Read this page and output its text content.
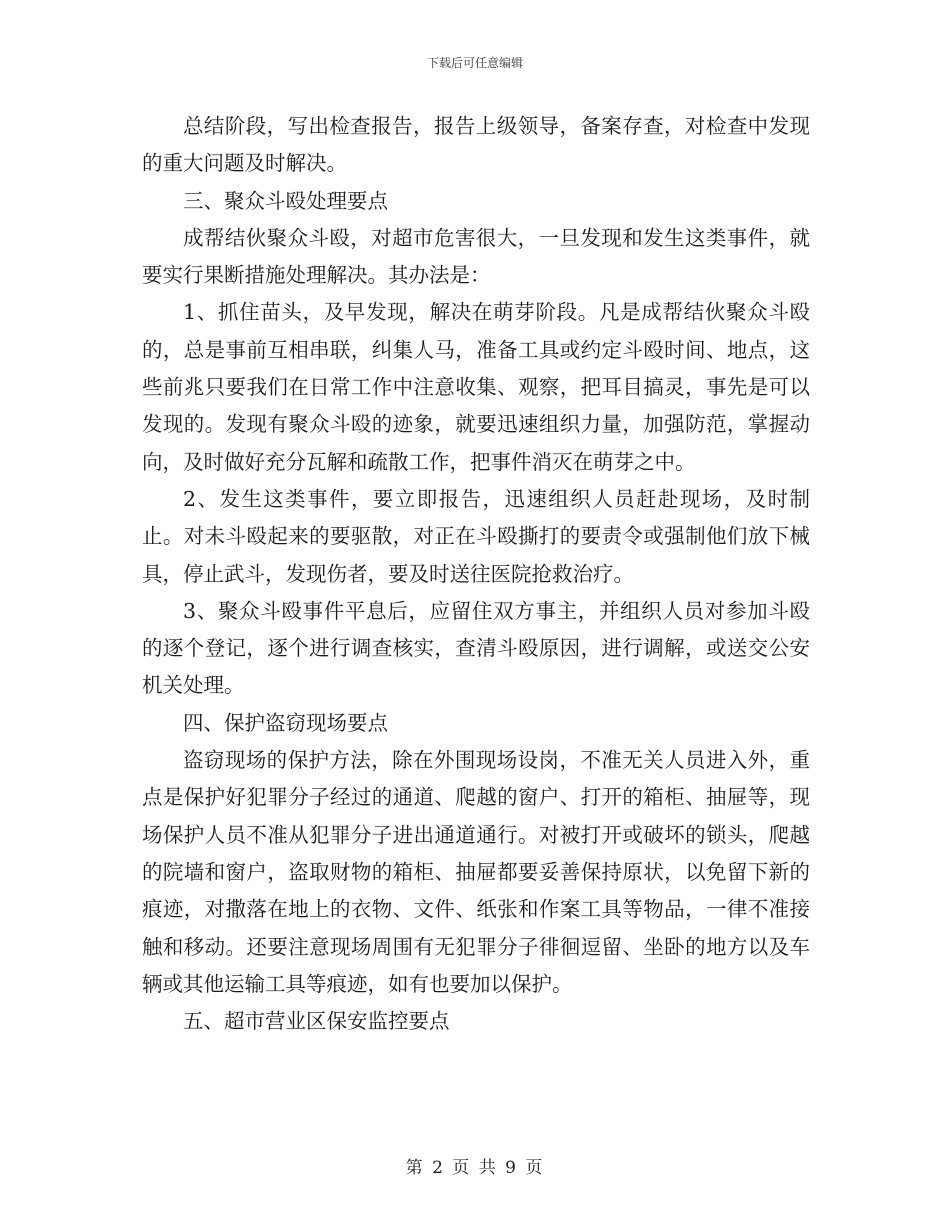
下载后可任意编辑

总结阶段，写出检查报告，报告上级领导，备案存查，对检查中发现的重大问题及时解决。

三、聚众斗殴处理要点

成帮结伙聚众斗殴，对超市危害很大，一旦发现和发生这类事件，就要实行果断措施处理解决。其办法是：

1、抓住苗头，及早发现，解决在萌芽阶段。凡是成帮结伙聚众斗殴的，总是事前互相串联，纠集人马，准备工具或约定斗殴时间、地点，这些前兆只要我们在日常工作中注意收集、观察，把耳目搞灵，事先是可以发现的。发现有聚众斗殴的迹象，就要迅速组织力量，加强防范，掌握动向，及时做好充分瓦解和疏散工作，把事件消灭在萌芽之中。

2、发生这类事件，要立即报告，迅速组织人员赶赴现场，及时制止。对未斗殴起来的要驱散，对正在斗殴撕打的要责令或强制他们放下械具，停止武斗，发现伤者，要及时送往医院抢救治疗。

3、聚众斗殴事件平息后，应留住双方事主，并组织人员对参加斗殴的逐个登记，逐个进行调查核实，查清斗殴原因，进行调解，或送交公安机关处理。

四、保护盗窃现场要点

盗窃现场的保护方法，除在外围现场设岗，不准无关人员进入外，重点是保护好犯罪分子经过的通道、爬越的窗户、打开的箱柜、抽屉等，现场保护人员不准从犯罪分子进出通道通行。对被打开或破坏的锁头，爬越的院墙和窗户，盗取财物的箱柜、抽屉都要妥善保持原状，以免留下新的痕迹，对撒落在地上的衣物、文件、纸张和作案工具等物品，一律不准接触和移动。还要注意现场周围有无犯罪分子徘徊逗留、坐卧的地方以及车辆或其他运输工具等痕迹，如有也要加以保护。

五、超市营业区保安监控要点

第 2 页 共 9 页
